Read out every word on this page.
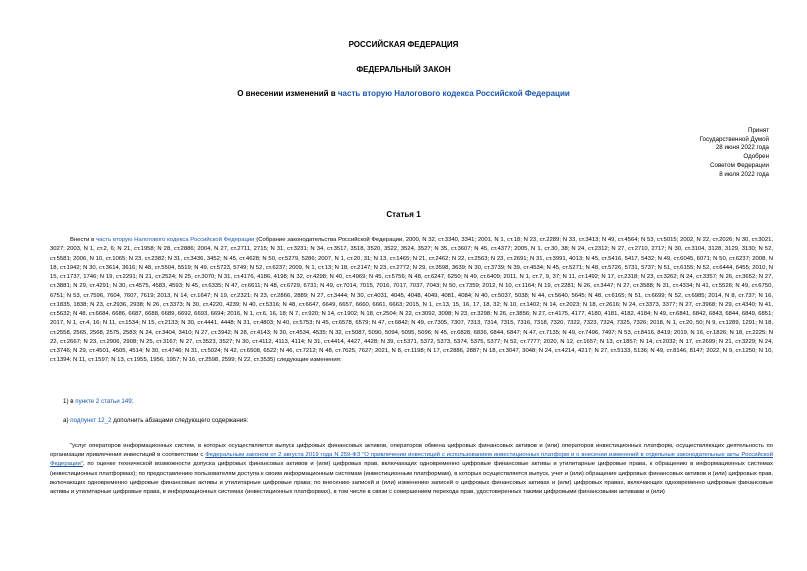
РОССИЙСКАЯ ФЕДЕРАЦИЯ
ФЕДЕРАЛЬНЫЙ ЗАКОН
О внесении изменений в часть вторую Налогового кодекса Российской Федерации
Принят
Государственной Думой
28 июня 2022 года
Одобрен
Советом Федерации
8 июля 2022 года
Статья 1

Внести в часть вторую Налогового кодекса Российской Федерации (Собрание законодательства Российской Федерации, 2000, N 32, ст.3340, 3341; 2001, N 1, ст.18; N 23, ст.2289; N 33, ст.3413; N 49, ст.4564; N 53, ст.5015; 2002, N 22, ст.2026; N 30, ст.3021, 3027; 2003, N 1, ст.2, 6; N 21, ст.1958; N 28, ст.2886; 2004, N 27, ст.2711, 2715; N 31, ст.3231; N 34, ст.3517, 3518, 3520, 3522, 3524, 3527; N 35, ст.3607; N 45, ст.4377; 2005, N 1, ст.30, 38; N 24, ст.2312; N 27, ст.2710, 2717; N 30, ст.3104, 3128, 3129, 3130; N 52, ст.5581; 2006, N 10, ст.1065; N 23, ст.2382; N 31, ст.3436, 3452; N 45, ст.4628; N 50, ст.5279, 5286; 2007, N 1, ст.20, 31; N 13, ст.1465; N 21, ст.2462; N 22, ст.2563; N 23, ст.2691; N 31, ст.3991, 4013; N 45, ст.5416, 5417, 5432; N 49, ст.6045, 6071; N 50, ст.6237; 2008, N 18, ст.1942; N 30, ст.3614, 3616; N 48, ст.5504, 5519; N 49, ст.5723, 5749; N 52, ст.6237; 2009, N 1, ст.13; N 18, ст.2147; N 23, ст.2772; N 29, ст.3598, 3639; N 30, ст.3739; N 39, ст.4534; N 45, ст.5271; N 48, ст.5726, 5731, 5737; N 51, ст.6155; N 52, ст.6444, 6455; 2010, N 15, ст.1737, 1746; N 19, ст.2291; N 21, ст.2524; N 25, ст.3070; N 31, ст.4176, 4186, 4198; N 32, ст.4298; N 40, ст.4969; N 45, ст.5756; N 48, ст.6247, 6250; N 49, ст.6409; 2011, N 1, ст.7, 9, 37; N 11, ст.1492; N 17, ст.2318; N 23, ст.3262; N 24, ст.3357; N 26, ст.3652; N 27, ст.3881; N 29, ст.4291; N 30, ст.4575, 4583, 4593; N 45, ст.6335; N 47, ст.6611; N 48, ст.6729, 6731; N 49, ст.7014, 7015, 7016, 7017, 7037, 7043; N 50, ст.7359; 2012, N 10, ст.1164; N 19, ст.2281; N 26, ст.3447; N 27, ст.3588; N 31, ст.4334; N 41, ст.5526; N 49, ст.6750, 6751; N 53, ст.7596, 7604, 7607, 7619; 2013, N 14, ст.1647; N 19, ст.2321; N 23, ст.2866, 2889; N 27, ст.3444; N 30, ст.4031, 4045, 4048, 4049, 4081, 4084; N 40, ст.5037, 5038; N 44, ст.5640, 5645; N 48, ст.6165; N 51, ст.6699; N 52, ст.6985; 2014, N 8, ст.737; N 16, ст.1835, 1838; N 23, ст.2936, 2938; N 26, ст.3373; N 30, ст.4220, 4239; N 40, ст.5316; N 48, ст.6647, 6649, 6657, 6660, 6661, 6663; 2015, N 1, ст.13, 15, 16, 17, 18, 32; N 10, ст.1402; N 14, ст.2023; N 18, ст.2616; N 24, ст.3373, 3377; N 27, ст.3968; N 29, ст.4340; N 41, ст.5632; N 48, ст.6684, 6686, 6687, 6688, 6689, 6692, 6693, 6694; 2016, N 1, ст.6, 16, 18; N 7, ст.920; N 14, ст.1902; N 18, ст.2504; N 22, ст.3092, 3098; N 23, ст.3298; N 26, ст.3856; N 27, ст.4175, 4177, 4180, 4181, 4182, 4184; N 49, ст.6841, 6842, 6843, 6844, 6849, 6851; 2017, N 1, ст.4, 16; N 11, ст.1534; N 15, ст.2133; N 30, ст.4441, 4448; N 31, ст.4803; N 40, ст.5753; N 45, ст.6578, 6579; N 47, ст.6842; N 49, ст.7305, 7307, 7313, 7314, 7315, 7316, 7318, 7320, 7322, 7323, 7324, 7325, 7326; 2018, N 1, ст.20, 50; N 9, ст.1289, 1291; N 18, ст.2558, 2565, 2568, 2575, 2583; N 24, ст.3404, 3410; N 27, ст.3942; N 28, ст.4143; N 30, ст.4534, 4535; N 32, ст.5087, 5090, 5094, 5095, 5096; N 45, ст.6828, 6836, 6844, 6847; N 47, ст.7135; N 49, ст.7496, 7497; N 53, ст.8416, 8419; 2019, N 16, ст.1826; N 18, ст.2225; N 22, ст.2667; N 23, ст.2906, 2908; N 25, ст.3167; N 27, ст.3523, 3527; N 30, ст.4112, 4113, 4114; N 31, ст.4414, 4427, 4428; N 39, ст.5371, 5372, 5373, 5374, 5375, 5377; N 52, ст.7777; 2020, N 12, ст.1657; N 13, ст.1857; N 14, ст.2032; N 17, ст.2699; N 21, ст.3229; N 24, ст.3746; N 29, ст.4501, 4505, 4514; N 30, ст.4746; N 31, ст.5024; N 42, ст.6508, 6522; N 46, ст.7212; N 48, ст.7625, 7627; 2021, N 8, ст.1198; N 17, ст.2886, 2887; N 18, ст.3047, 3048; N 24, ст.4214, 4217; N 27, ст.5133, 5136; N 49, ст.8146, 8147; 2022, N 9, ст.1250; N 10, ст.1394; N 11, ст.1597; N 13, ст.1955, 1956, 1957; N 16, ст.2598, 2599; N 22, ст.3535) следующие изменения:

1) в пункте 2 статьи 149:
а) подпункт 12_2 дополнить абзацами следующего содержания:

"услуг операторов информационных систем, в которых осуществляется выпуск цифровых финансовых активов, операторов обмена цифровых финансовых активов и (или) операторов инвестиционных платформ, осуществляющих деятельность по организации привлечения инвестиций в соответствии с Федеральным законом от 2 августа 2019 года N 259-ФЗ "О привлечении инвестиций с использованием инвестиционных платформ и о внесении изменений в отдельные законодательные акты Российской Федерации", по оценке технической возможности допуска цифровых финансовых активов и (или) цифровых прав, включающих одновременно цифровые финансовые активы и утилитарные цифровые права, к обращению в информационных системах (инвестиционных платформах); по предоставлению пользователям доступа к своим информационным системам (инвестиционным платформам), в которых осуществляется выпуск, учет и (или) обращение цифровых финансовых активов и (или) цифровых прав, включающих одновременно цифровые финансовые активы и утилитарные цифровые права; по внесению записей и (или) изменению записей о цифровых финансовых активах и (или) цифровых правах, включающих одновременно цифровые финансовые активы и утилитарные цифровые права, в информационных системах (инвестиционных платформах), в том числе в связи с совершением перехода прав, удостоверенных такими цифровыми финансовыми активами и (или)
